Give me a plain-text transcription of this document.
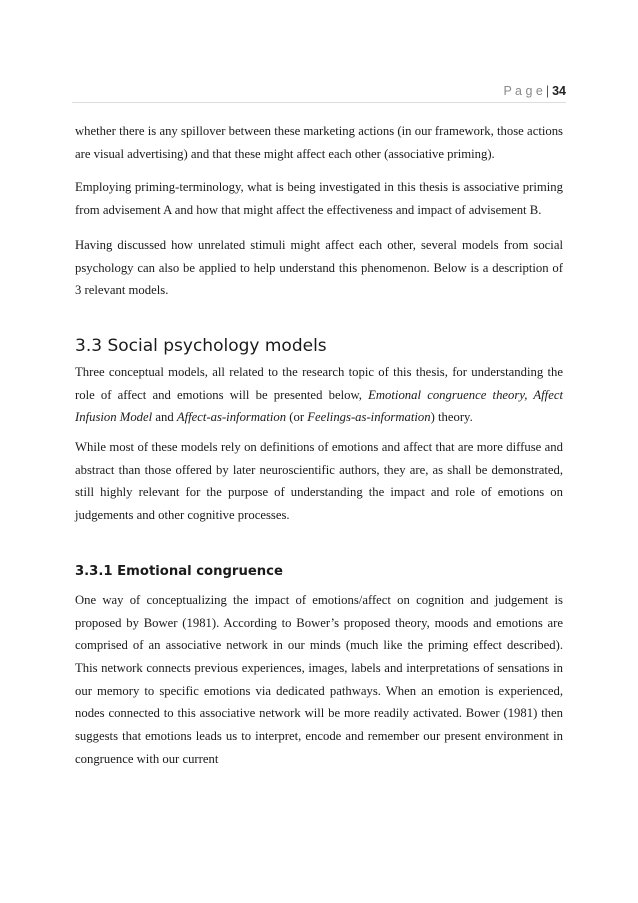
P a g e | 34

whether there is any spillover between these marketing actions (in our framework, those actions are visual advertising) and that these might affect each other (associative priming).

Employing priming-terminology, what is being investigated in this thesis is associative priming from advisement A and how that might affect the effectiveness and impact of advisement B.

Having discussed how unrelated stimuli might affect each other, several models from social psychology can also be applied to help understand this phenomenon. Below is a description of 3 relevant models.

3.3 Social psychology models

Three conceptual models, all related to the research topic of this thesis, for understanding the role of affect and emotions will be presented below, Emotional congruence theory, Affect Infusion Model and Affect-as-information (or Feelings-as-information) theory.

While most of these models rely on definitions of emotions and affect that are more diffuse and abstract than those offered by later neuroscientific authors, they are, as shall be demonstrated, still highly relevant for the purpose of understanding the impact and role of emotions on judgements and other cognitive processes.

3.3.1 Emotional congruence

One way of conceptualizing the impact of emotions/affect on cognition and judgement is proposed by Bower (1981). According to Bower’s proposed theory, moods and emotions are comprised of an associative network in our minds (much like the priming effect described). This network connects previous experiences, images, labels and interpretations of sensations in our memory to specific emotions via dedicated pathways. When an emotion is experienced, nodes connected to this associative network will be more readily activated. Bower (1981) then suggests that emotions leads us to interpret, encode and remember our present environment in congruence with our current
